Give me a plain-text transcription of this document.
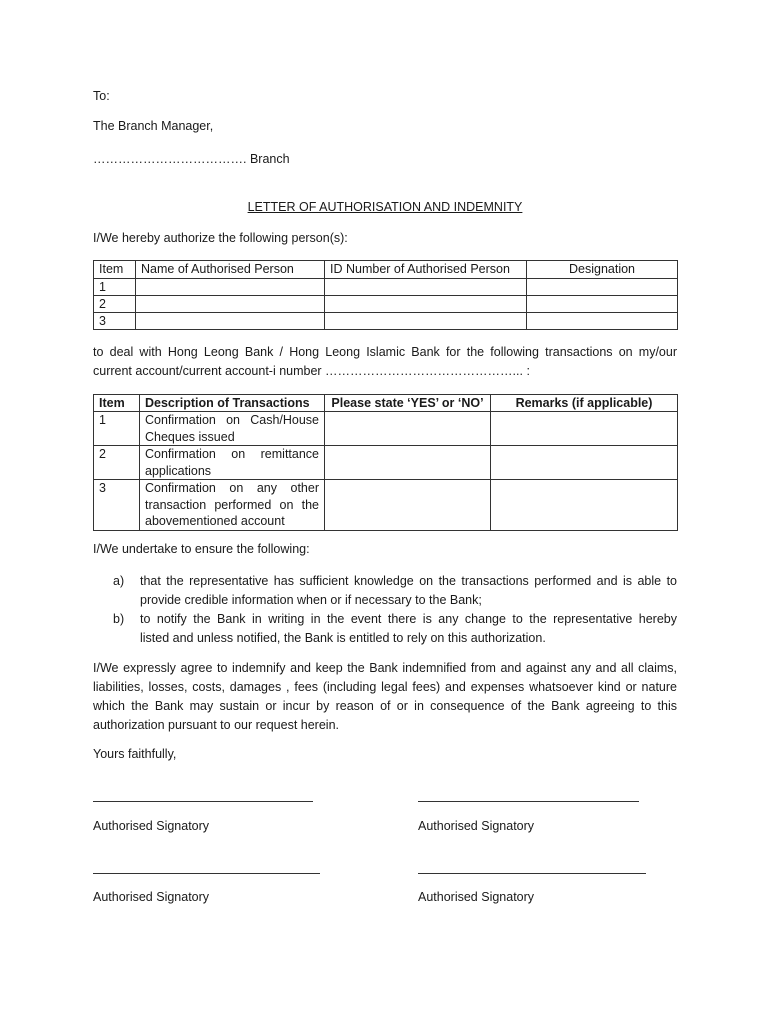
To:
The Branch Manager,
………………………………. Branch
LETTER OF AUTHORISATION AND INDEMNITY
I/We hereby authorize the following person(s):
Item	Name of Authorised Person	ID Number of Authorised Person	Designation
1			
2			
3			
to deal with Hong Leong Bank / Hong Leong Islamic Bank for the following transactions on my/our
current account/current account-i number ………………………………………... :
Item	Description of Transactions	Please state ‘YES’ or ‘NO’	Remarks (if applicable)
1	Confirmation on Cash/House
Cheques issued		

2	Confirmation on remittance
applications		

3	Confirmation on any other
transaction performed on the
abovementioned account		

I/We undertake to ensure the following:
a) that the representative has sufficient knowledge on the transactions performed and is able to
provide credible information when or if necessary to the Bank;
b) to notify the Bank in writing in the event there is any change to the representative hereby
listed and unless notified, the Bank is entitled to rely on this authorization.
I/We expressly agree to indemnify and keep the Bank indemnified from and against any and all claims,
liabilities, losses, costs, damages , fees (including legal fees) and expenses whatsoever kind or nature
which the Bank may sustain or incur by reason of or in consequence of the Bank agreeing to this
authorization pursuant to our request herein.
Yours faithfully,
Authorised Signatory	Authorised Signatory
Authorised Signatory	Authorised Signatory
